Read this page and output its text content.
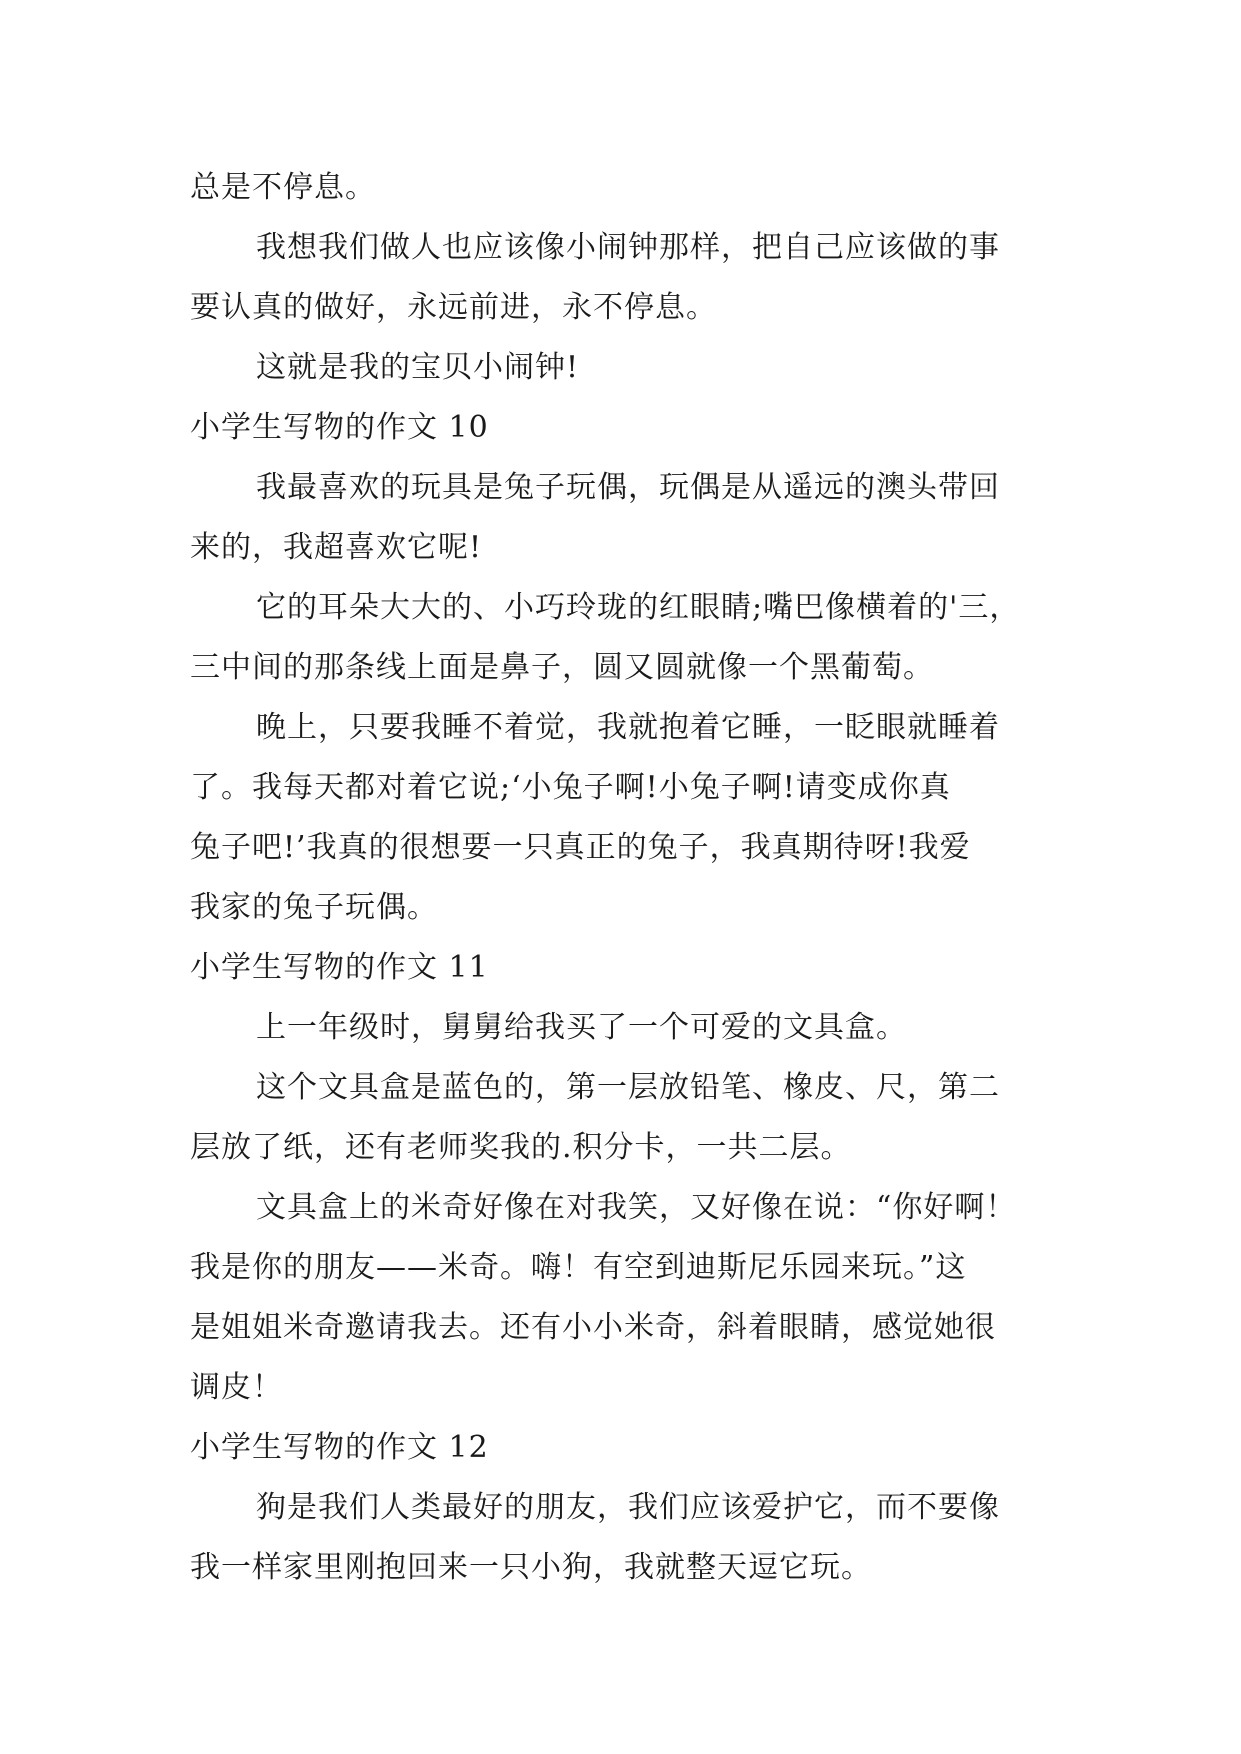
总是不停息。
我想我们做人也应该像小闹钟那样，把自己应该做的事
要认真的做好，永远前进，永不停息。
这就是我的宝贝小闹钟!
小学生写物的作文 10
我最喜欢的玩具是兔子玩偶，玩偶是从遥远的澳头带回
来的，我超喜欢它呢!
它的耳朵大大的、小巧玲珑的红眼睛;嘴巴像横着的'三，
三中间的那条线上面是鼻子，圆又圆就像一个黑葡萄。
晚上，只要我睡不着觉，我就抱着它睡，一眨眼就睡着
了。我每天都对着它说;‘小兔子啊!小兔子啊!请变成你真
兔子吧!’我真的很想要一只真正的兔子，我真期待呀!我爱
我家的兔子玩偶。
小学生写物的作文 11
上一年级时，舅舅给我买了一个可爱的文具盒。
这个文具盒是蓝色的，第一层放铅笔、橡皮、尺，第二
层放了纸，还有老师奖我的.积分卡，一共二层。
文具盒上的米奇好像在对我笑，又好像在说：“你好啊！
我是你的朋友——米奇。嗨！有空到迪斯尼乐园来玩。”这
是姐姐米奇邀请我去。还有小小米奇，斜着眼睛，感觉她很
调皮！
小学生写物的作文 12
狗是我们人类最好的朋友，我们应该爱护它，而不要像
我一样家里刚抱回来一只小狗，我就整天逗它玩。
